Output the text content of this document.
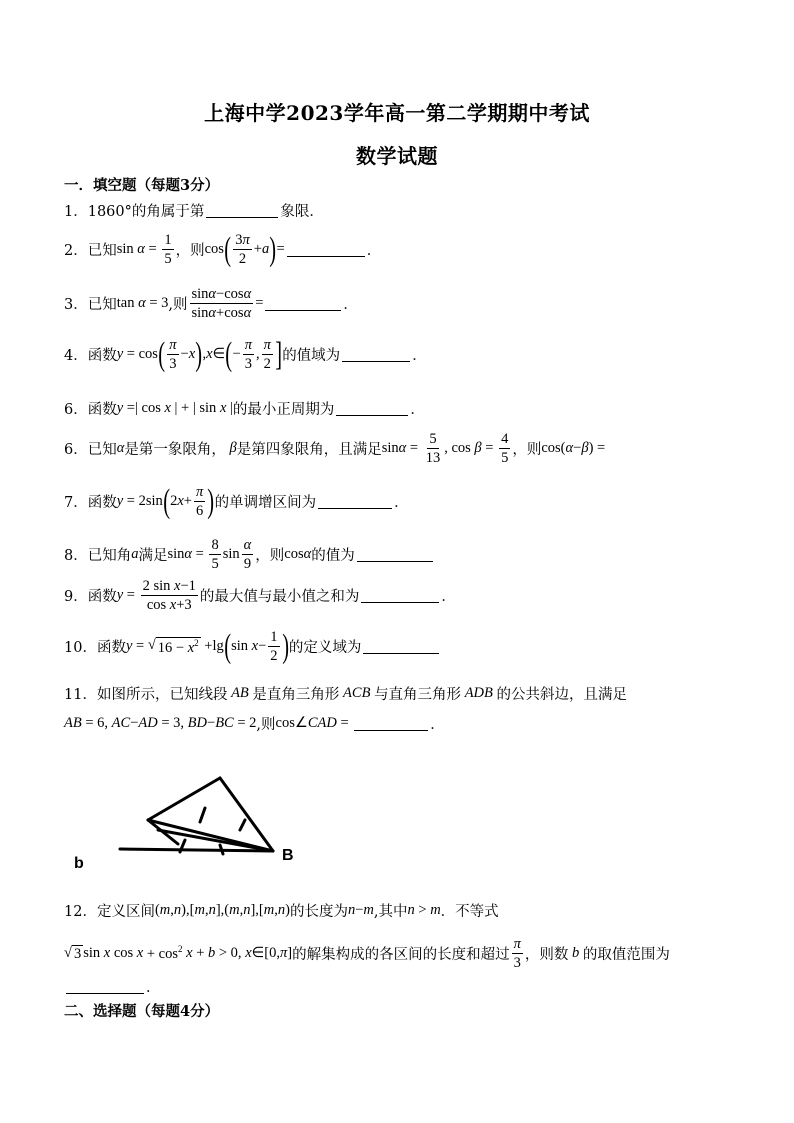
上海中学2023学年高一第二学期期中考试
数学试题
一．填空题（每题3分）
1． 1860°的角属于第	象限．
2． 已知 $\sin \alpha = \frac{1}{5}$ ，则 cos ( $\frac{3\pi}{2} + a$ ) =	．
3． 已知 tan α = 3 ,则 $\frac{\sin\alpha-\cos\alpha}{\sin\alpha+\cos\alpha}$ =	．
4． 函数 y = cos ( $\frac{\pi}{3} - x$ ) , x ∈ ( − $\frac{\pi}{3}$ , $\frac{\pi}{2}$ ] 的值域为	．
6． 函数 y =| cos x | + | sin x | 的最小正周期为	．
6． 已知 α 是第一象限角， β 是第四象限角，且满足 $\sin \alpha = \frac{5}{13}$ , $\cos \beta = \frac{4}{5}$ ，则 cos( α − β ) =
7． 函数 y = 2sin ( 2 $x + \frac{\pi}{6}$ ) 的单调增区间为	．
8． 已知角 a 满足 $\sin \alpha = \frac{8}{5}$ $\sin \frac{\alpha}{9}$ ，则 cos α 的值为
9． 函数 $y = \frac{\text{2 sin x−1}}{\text{cos x+3}}$ 的最大值与最小值之和为	．
10． 函数 y = √ $16 - x^2 +\lg$ ( $\sin x - \frac{1}{2}$ ) 的定义域为
11． 如图所示，已知线段 AB 是直角三角形 ACB 与直角三角形 ADB 的公共斜边，且满足
AB = 6, AC − AD = 3, BD − BC = 2 ,则 cos∠ CAD =	．
B
b
12． 定义区间 ( m , n ),[ m , n ],( m , n ],[ m , n ) 的长度为 n − m ,其中 n > m ．不等式
√ 3 sin x $\cos x + \cos^2 x + b > 0$, x ∈[0, π ] 的解集构成的各区间的长度和超过 $\frac{\pi}{3}$ ，则数 b 的取值范围为
．
二、选择题（每题4分）
